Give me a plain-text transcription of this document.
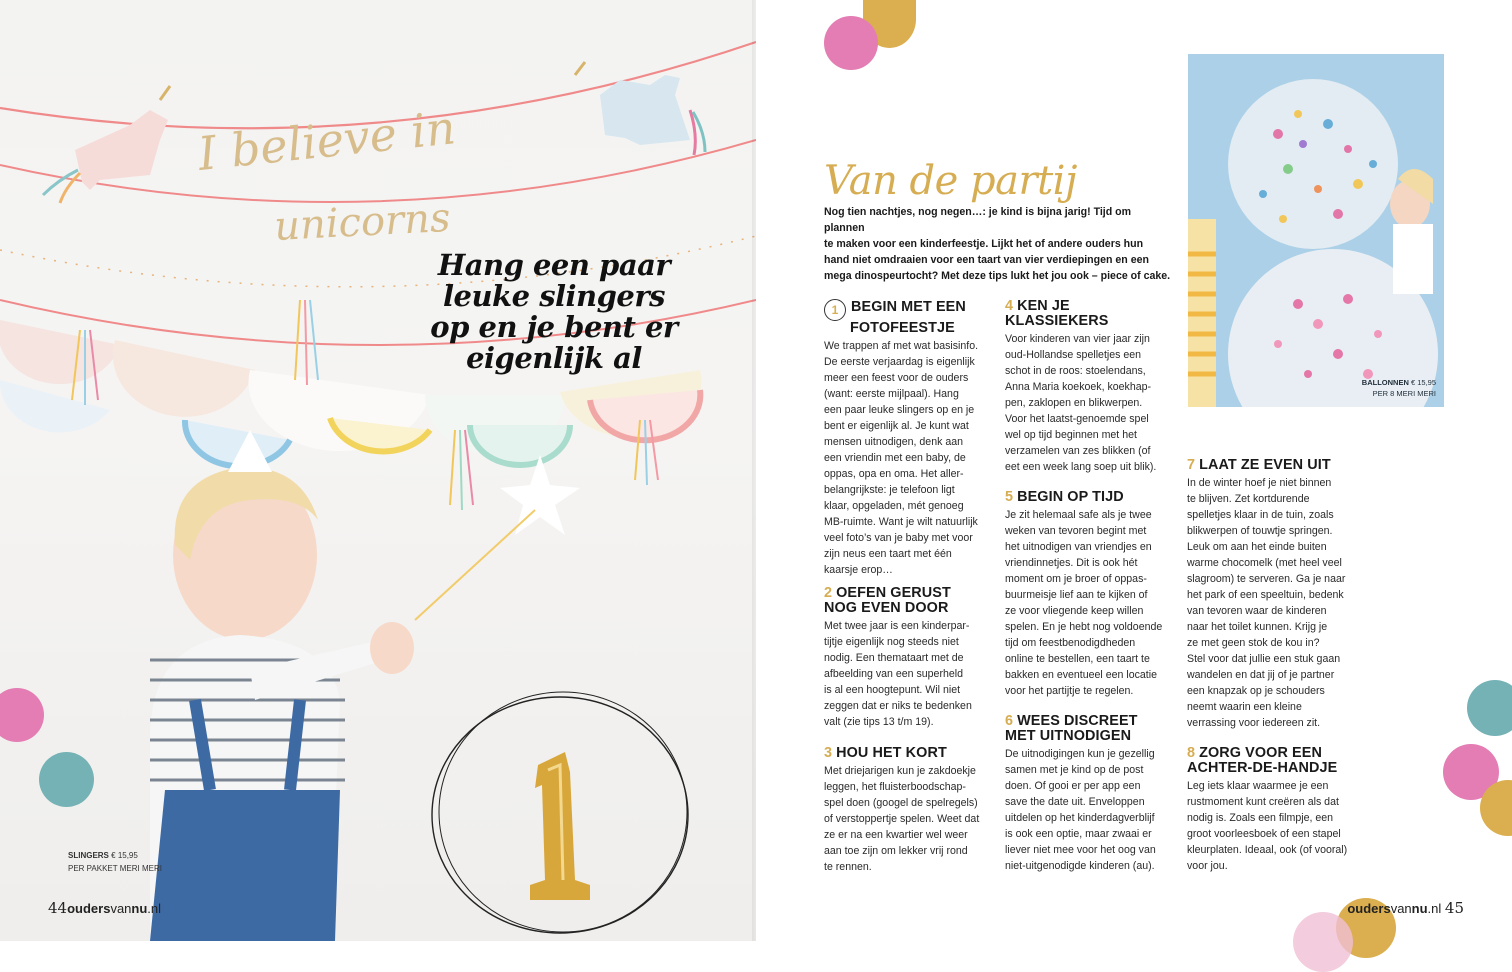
I believe in
unicorns
1
Hang een paar
leuke slingers
op en je bent er
eigenlijk al
SLINGERS € 15,95
PER PAKKET MERI MERI
44oudersvannu.nl
Van de partij
Nog tien nachtjes, nog negen…: je kind is bijna jarig! Tijd om plannen
te maken voor een kinderfeestje. Lijkt het of andere ouders hun
hand niet omdraaien voor een taart van vier verdiepingen en een
mega dinospeurtocht? Met deze tips lukt het jou ook – piece of cake.
BALLONNEN € 15,95
PER 8 MERI MERI
1 BEGIN MET EEN
FOTOFEESTJE

We trappen af met wat basisinfo.
De eerste verjaardag is eigenlijk
meer een feest voor de ouders
(want: eerste mijlpaal). Hang
een paar leuke slingers op en je
bent er eigenlijk al. Je kunt wat
mensen uitnodigen, denk aan
een vriendin met een baby, de
oppas, opa en oma. Het aller-
belangrijkste: je telefoon ligt
klaar, opgeladen, mét genoeg
MB-ruimte. Want je wilt natuurlijk
veel foto’s van je baby met voor
zijn neus een taart met één
kaarsje erop…

2 OEFEN GERUST
NOG EVEN DOOR

Met twee jaar is een kinderpar-
tijtje eigenlijk nog steeds niet
nodig. Een themataart met de
afbeelding van een superheld
is al een hoogtepunt. Wil niet
zeggen dat er niks te bedenken
valt (zie tips 13 t/m 19).

3 HOU HET KORT

Met driejarigen kun je zakdoekje
leggen, het fluisterboodschap-
spel doen (googel de spelregels)
of verstoppertje spelen. Weet dat
ze er na een kwartier wel weer
aan toe zijn om lekker vrij rond
te rennen.

4 KEN JE
KLASSIEKERS

Voor kinderen van vier jaar zijn
oud-Hollandse spelletjes een
schot in de roos: stoelendans,
Anna Maria koekoek, koekhap-
pen, zaklopen en blikwerpen.
Voor het laatst-genoemde spel
wel op tijd beginnen met het
verzamelen van zes blikken (of
eet een week lang soep uit blik).

5 BEGIN OP TIJD

Je zit helemaal safe als je twee
weken van tevoren begint met
het uitnodigen van vriendjes en
vriendinnetjes. Dit is ook hét
moment om je broer of oppas-
buurmeisje lief aan te kijken of
ze voor vliegende keep willen
spelen. En je hebt nog voldoende
tijd om feestbenodigdheden
online te bestellen, een taart te
bakken en eventueel een locatie
voor het partijtje te regelen.

6 WEES DISCREET
MET UITNODIGEN

De uitnodigingen kun je gezellig
samen met je kind op de post
doen. Of gooi er per app een
save the date uit. Enveloppen
uitdelen op het kinderdagverblijf
is ook een optie, maar zwaai er
liever niet mee voor het oog van
niet-uitgenodigde kinderen (au).

7 LAAT ZE EVEN UIT

In de winter hoef je niet binnen
te blijven. Zet kortdurende
spelletjes klaar in de tuin, zoals
blikwerpen of touwtje springen.
Leuk om aan het einde buiten
warme chocomelk (met heel veel
slagroom) te serveren. Ga je naar
het park of een speeltuin, bedenk
van tevoren waar de kinderen
naar het toilet kunnen. Krijg je
ze met geen stok de kou in?
Stel voor dat jullie een stuk gaan
wandelen en dat jij of je partner
een knapzak op je schouders
neemt waarin een kleine
verrassing voor iedereen zit.

8 ZORG VOOR EEN
ACHTER-DE-HANDJE

Leg iets klaar waarmee je een
rustmoment kunt creëren als dat
nodig is. Zoals een filmpje, een
groot voorleesboek of een stapel
kleurplaten. Ideaal, ook (of vooral)
voor jou.

oudersvannu.nl 45
